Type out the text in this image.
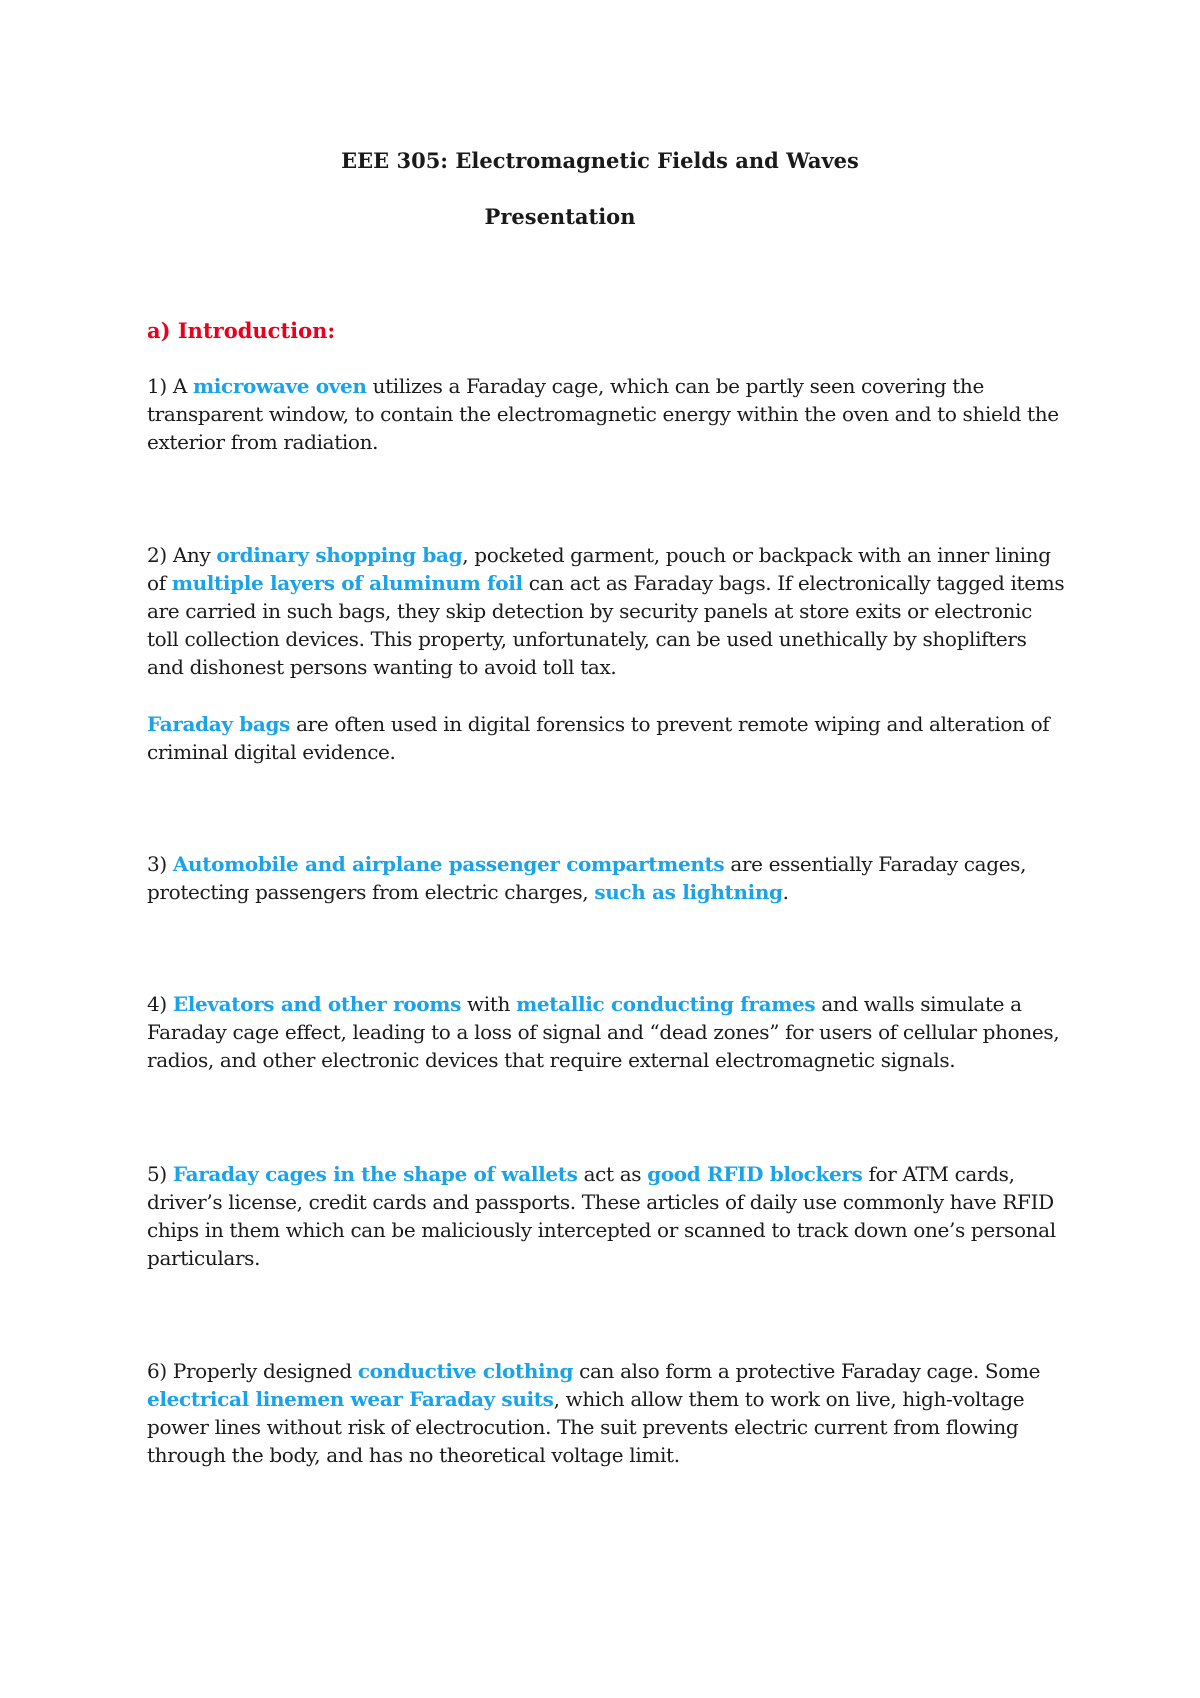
EEE 305: Electromagnetic Fields and Waves
Presentation
a) Introduction:

1) A microwave oven utilizes a Faraday cage, which can be partly seen covering the transparent window, to contain the electromagnetic energy within the oven and to shield the exterior from radiation.

2) Any ordinary shopping bag, pocketed garment, pouch or backpack with an inner lining of multiple layers of aluminum foil can act as Faraday bags. If electronically tagged items are carried in such bags, they skip detection by security panels at store exits or electronic toll collection devices. This property, unfortunately, can be used unethically by shoplifters and dishonest persons wanting to avoid toll tax.

Faraday bags are often used in digital forensics to prevent remote wiping and alteration of criminal digital evidence.

3) Automobile and airplane passenger compartments are essentially Faraday cages, protecting passengers from electric charges, such as lightning.

4) Elevators and other rooms with metallic conducting frames and walls simulate a Faraday cage effect, leading to a loss of signal and “dead zones” for users of cellular phones, radios, and other electronic devices that require external electromagnetic signals.

5) Faraday cages in the shape of wallets act as good RFID blockers for ATM cards, driver’s license, credit cards and passports. These articles of daily use commonly have RFID chips in them which can be maliciously intercepted or scanned to track down one’s personal particulars.

6) Properly designed conductive clothing can also form a protective Faraday cage. Some electrical linemen wear Faraday suits, which allow them to work on live, high-voltage power lines without risk of electrocution. The suit prevents electric current from flowing through the body, and has no theoretical voltage limit.
